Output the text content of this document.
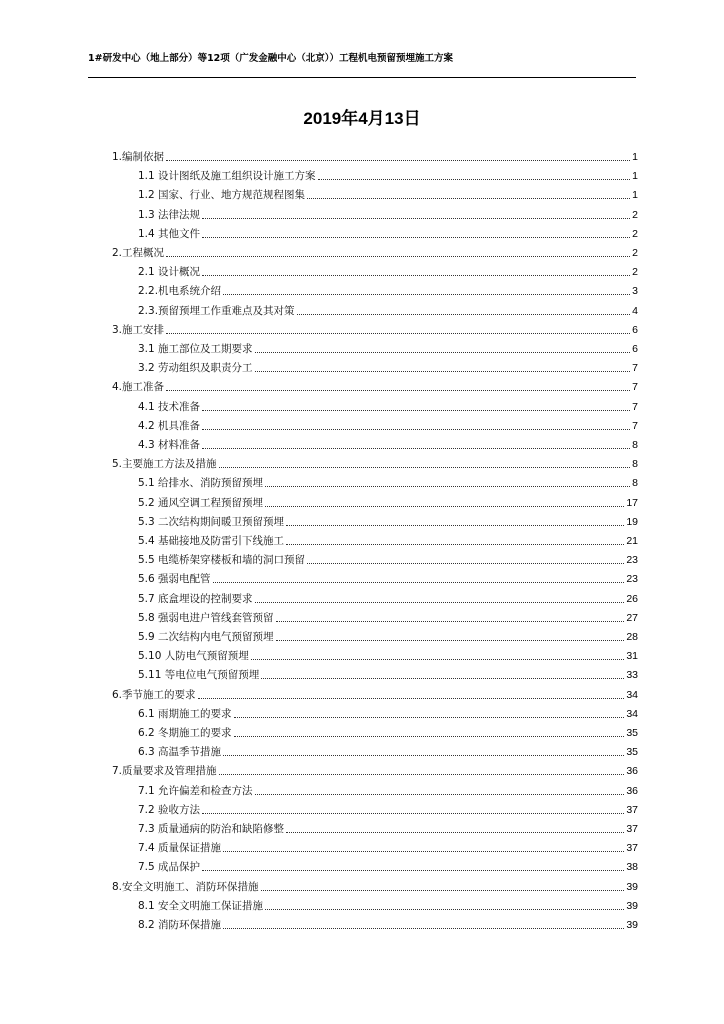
1#研发中心（地上部分）等12项（广发金融中心（北京））工程机电预留预埋施工方案
2019年4月13日
1.编制依据	1
1.1 设计图纸及施工组织设计施工方案	1
1.2 国家、行业、地方规范规程图集	1
1.3 法律法规	2
1.4 其他文件	2
2.工程概况	2
2.1 设计概况	2
2.2.机电系统介绍	3
2.3.预留预埋工作重难点及其对策	4
3.施工安排	6
3.1 施工部位及工期要求	6
3.2 劳动组织及职责分工	7
4.施工准备	7
4.1 技术准备	7
4.2 机具准备	7
4.3 材料准备	8
5.主要施工方法及措施	8
5.1 给排水、消防预留预埋	8
5.2 通风空调工程预留预埋	17
5.3 二次结构期间暖卫预留预埋	19
5.4 基础接地及防雷引下线施工	21
5.5 电缆桥架穿楼板和墙的洞口预留	23
5.6 强弱电配管	23
5.7 底盒埋设的控制要求	26
5.8 强弱电进户管线套管预留	27
5.9 二次结构内电气预留预埋	28
5.10 人防电气预留预埋	31
5.11 等电位电气预留预埋	33
6.季节施工的要求	34
6.1 雨期施工的要求	34
6.2 冬期施工的要求	35
6.3 高温季节措施	35
7.质量要求及管理措施	36
7.1 允许偏差和检查方法	36
7.2 验收方法	37
7.3 质量通病的防治和缺陷修整	37
7.4 质量保证措施	37
7.5 成品保护	38
8.安全文明施工、消防环保措施	39
8.1 安全文明施工保证措施	39
8.2 消防环保措施	39
